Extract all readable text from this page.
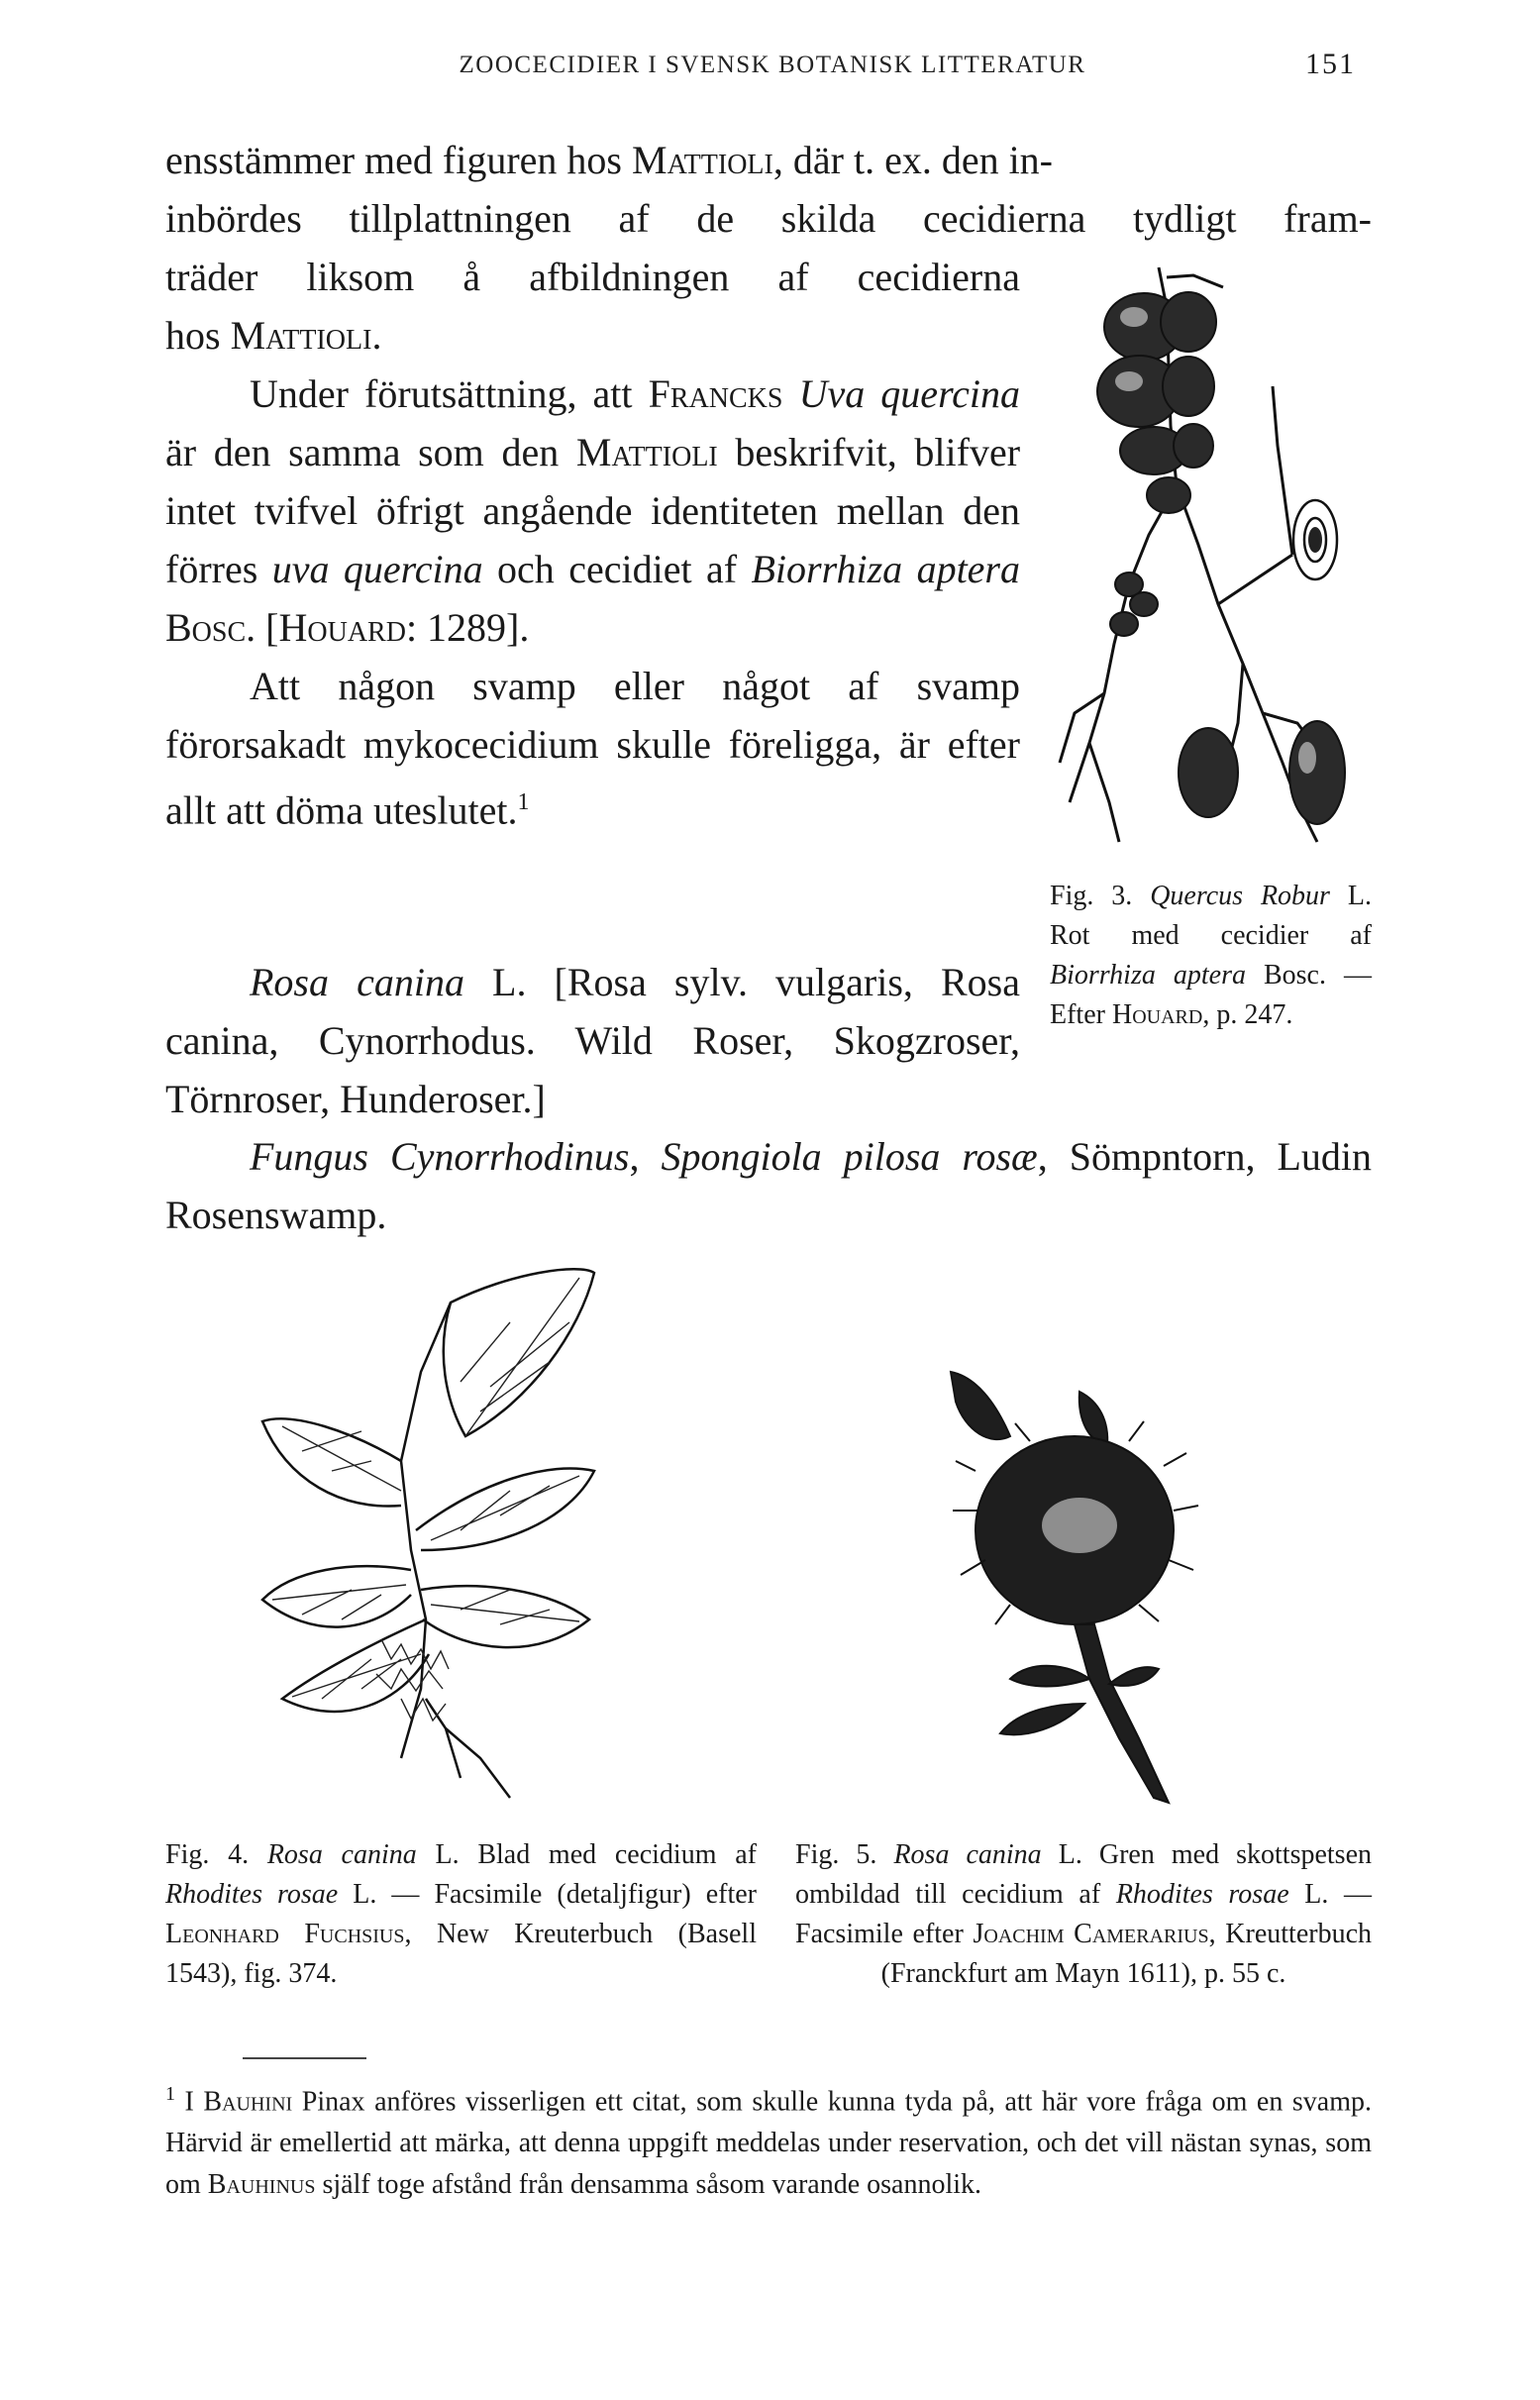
ZOOCECIDIER I SVENSK BOTANISK LITTERATUR	151

ensstämmer med figuren hos Mattioli, där t. ex. den in-

inbördes tillplattningen af de skilda cecidierna tydligt fram-
träder liksom å afbildningen af cecidierna
hos Mattioli.

Under förutsättning, att Francks Uva quercina är den samma som den Mattioli beskrifvit, blifver intet tvifvel öfrigt angående identiteten mellan den förres uva quercina och cecidiet af Biorrhiza aptera Bosc. [Houard: 1289].

Att någon svamp eller något af svamp förorsakadt mykocecidium skulle föreligga, är efter allt att döma uteslutet.$^1$

Fig. 3. Quercus Robur L. Rot med cecidier af Biorrhiza aptera Bosc. — Efter Houard, p. 247.

Rosa canina L. [Rosa sylv. vulgaris, Rosa canina, Cynorrhodus. Wild Roser, Skogzroser, Törnroser, Hunderoser.]

Fungus Cynorrhodinus, Spongiola pilosa rosæ, Sömpntorn, Ludin Rosenswamp.

Fig. 4. Rosa canina L. Blad med cecidium af Rhodites rosae L. — Facsimile (detaljfigur) efter Leonhard Fuchsius, New Kreuterbuch (Basell 1543), fig. 374.
Fig. 5. Rosa canina L. Gren med skottspetsen ombildad till cecidium af Rhodites rosae L. — Facsimile efter Joachim Camerarius, Kreutterbuch (Franckfurt am Mayn 1611), p. 55 c.
$^1$ I Bauhini Pinax anföres visserligen ett citat, som skulle kunna tyda på, att här vore fråga om en svamp. Härvid är emellertid att märka, att denna uppgift meddelas under reservation, och det vill nästan synas, som om Bauhinus själf toge afstånd från densamma såsom varande osannolik.
